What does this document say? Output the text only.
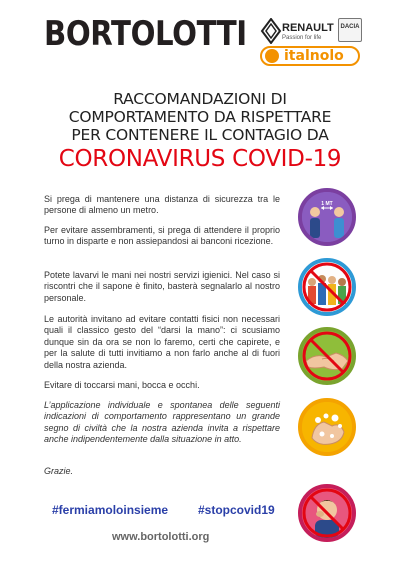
BORTOLOTTI	RENAULT
Passion for life
DACIA
italnolo
RACCOMANDAZIONI DI
COMPORTAMENTO DA RISPETTARE
PER CONTENERE IL CONTAGIO DA
CORONAVIRUS COVID-19

Si prega di mantenere una distanza di sicurezza tra le persone di almeno un metro.

Per evitare assembramenti, si prega di attendere il proprio turno in disparte e non assiepandosi ai banconi ricezione.

Potete lavarvi le mani nei nostri servizi igienici. Nel caso si riscontri che il sapone è finito, basterà segnalarlo al nostro personale.

Le autorità invitano ad evitare contatti fisici non necessari quali il classico gesto del “darsi la mano”: ci scusiamo dunque sin da ora se non lo faremo, certi che capirete, e per la salute di tutti invitiamo a non farlo anche al di fuori della nostra azienda.

Evitare di toccarsi mani, bocca e occhi.

L’applicazione individuale e spontanea delle seguenti indicazioni di comportamento rappresentano un grande segno di civiltà che la nostra azienda invita a rispettare anche indipendentemente dalla situazione in atto.

Grazie.

1 MT
#fermiamoloinsieme #stopcovid19
www.bortolotti.org
